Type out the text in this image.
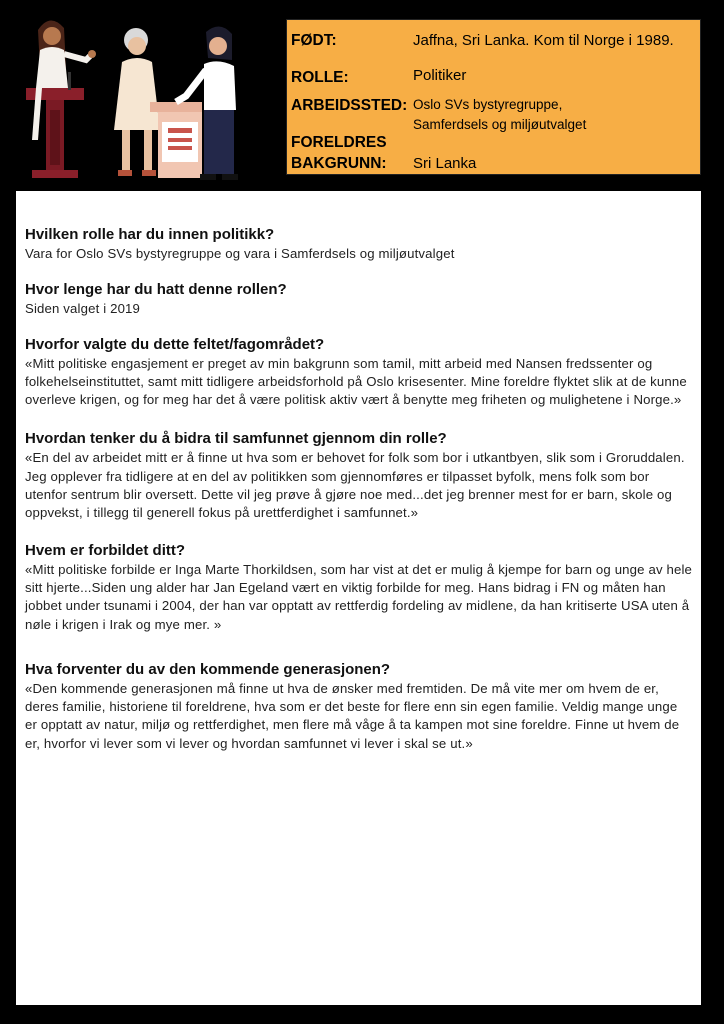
FØDT:	Jaffna, Sri Lanka. Kom til Norge i 1989.
ROLLE:	Politiker
ARBEIDSSTED: Oslo SVs bystyregruppe,
Samferdsels og miljøutvalget
FORELDRES
BAKGRUNN:	Sri Lanka

Hvilken rolle har du innen politikk?

Vara for Oslo SVs bystyregruppe og vara i Samferdsels og miljøutvalget

Hvor lenge har du hatt denne rollen?

Siden valget i 2019

Hvorfor valgte du dette feltet/fagområdet?

«Mitt politiske engasjement er preget av min bakgrunn som tamil, mitt arbeid med Nansen fredssenter og folkehelseinstituttet, samt mitt tidligere arbeidsforhold på Oslo krisesenter. Mine foreldre flyktet slik at de kunne overleve krigen, og for meg har det å være politisk aktiv vært å benytte meg friheten og mulighetene i Norge.»

Hvordan tenker du å bidra til samfunnet gjennom din rolle?

«En del av arbeidet mitt er å finne ut hva som er behovet for folk som bor i utkantbyen, slik som i Groruddalen. Jeg opplever fra tidligere at en del av politikken som gjennomføres er tilpasset byfolk, mens folk som bor utenfor sentrum blir oversett. Dette vil jeg prøve å gjøre noe med...det jeg brenner mest for er barn, skole og oppvekst, i tillegg til generell fokus på urettferdighet i samfunnet.»

Hvem er forbildet ditt?

«Mitt politiske forbilde er Inga Marte Thorkildsen, som har vist at det er mulig å kjempe for barn og unge av hele sitt hjerte...Siden ung alder har Jan Egeland vært en viktig forbilde for meg. Hans bidrag i FN og måten han jobbet under tsunami i 2004, der han var opptatt av rettferdig fordeling av midlene, da han kritiserte USA uten å nøle i krigen i Irak og mye mer. »

Hva forventer du av den kommende generasjonen?

«Den kommende generasjonen må finne ut hva de ønsker med fremtiden. De må vite mer om hvem de er, deres familie, historiene til foreldrene, hva som er det beste for flere enn sin egen familie. Veldig mange unge er opptatt av natur, miljø og rettferdighet, men flere må våge å ta kampen mot sine foreldre. Finne ut hvem de er, hvorfor vi lever som vi lever og hvordan samfunnet vi lever i skal se ut.»
